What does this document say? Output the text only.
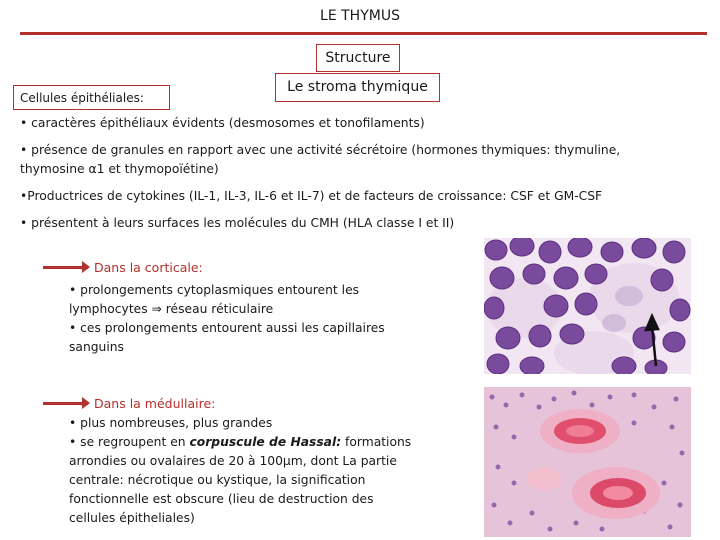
LE THYMUS
Structure
Le stroma thymique
Cellules épithéliales:

• caractères épithéliaux évidents (desmosomes et tonofilaments)

• présence de granules en rapport avec une activité sécrétoire (hormones thymiques: thymuline, thymosine α1 et thymopoïétine)

•Productrices de cytokines (IL-1, IL-3, IL-6 et IL-7) et de facteurs de croissance: CSF et GM-CSF

• présentent à leurs surfaces les molécules du CMH (HLA classe I et II)

Dans la corticale:

• prolongements cytoplasmiques entourent les lymphocytes ⇒ réseau réticulaire

• ces prolongements entourent aussi les capillaires sanguins

Dans la médullaire:

• plus nombreuses, plus grandes

• se regroupent en corpuscule de Hassal: formations arrondies ou ovalaires de 20 à 100µm, dont La partie centrale: nécrotique ou kystique, la signification fonctionnelle est obscure (lieu de destruction des cellules épitheliales)
